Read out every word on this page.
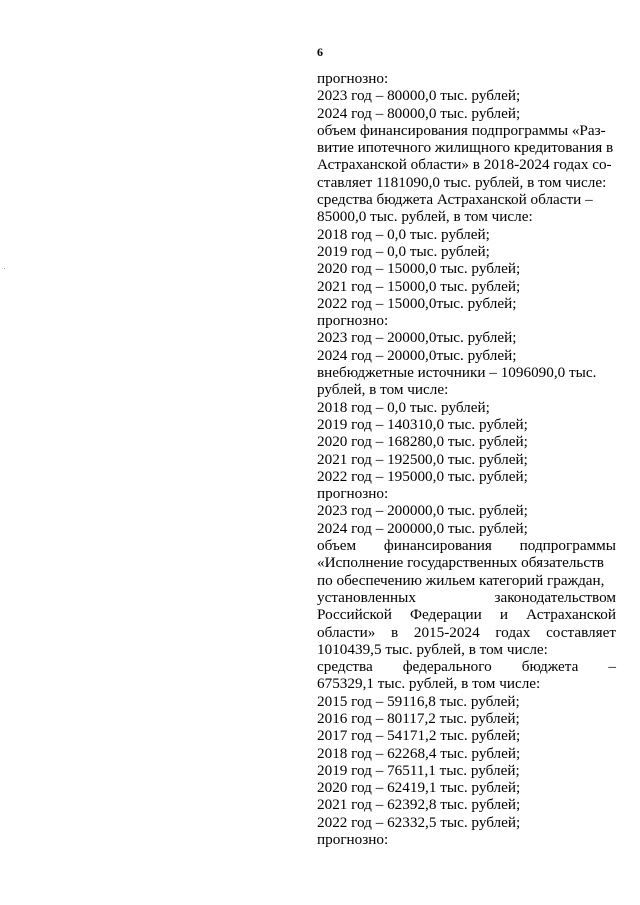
6
прогнозно:
2023 год – 80000,0 тыс. рублей;
2024 год – 80000,0 тыс. рублей;
объем финансирования подпрограммы «Раз-
витие ипотечного жилищного кредитования в
Астраханской области» в 2018-2024 годах со-
ставляет 1181090,0 тыс. рублей, в том числе:
средства бюджета Астраханской области –
85000,0 тыс. рублей, в том числе:
2018 год – 0,0 тыс. рублей;
2019 год – 0,0 тыс. рублей;
2020 год – 15000,0 тыс. рублей;
2021 год – 15000,0 тыс. рублей;
2022 год – 15000,0тыс. рублей;
прогнозно:
2023 год – 20000,0тыс. рублей;
2024 год – 20000,0тыс. рублей;
внебюджетные источники – 1096090,0 тыс.
рублей, в том числе:
2018 год – 0,0 тыс. рублей;
2019 год – 140310,0 тыс. рублей;
2020 год – 168280,0 тыс. рублей;
2021 год – 192500,0 тыс. рублей;
2022 год – 195000,0 тыс. рублей;
прогнозно:
2023 год – 200000,0 тыс. рублей;
2024 год – 200000,0 тыс. рублей;
объем финансирования подпрограммы
«Исполнение государственных обязательств
по обеспечению жильем категорий граждан,
установленных	законодательством
Российской Федерации и Астраханской
области» в 2015-2024 годах составляет
1010439,5 тыс. рублей, в том числе:
средства федерального бюджета –
675329,1 тыс. рублей, в том числе:
2015 год – 59116,8 тыс. рублей;
2016 год – 80117,2 тыс. рублей;
2017 год – 54171,2 тыс. рублей;
2018 год – 62268,4 тыс. рублей;
2019 год – 76511,1 тыс. рублей;
2020 год – 62419,1 тыс. рублей;
2021 год – 62392,8 тыс. рублей;
2022 год – 62332,5 тыс. рублей;
прогнозно:
